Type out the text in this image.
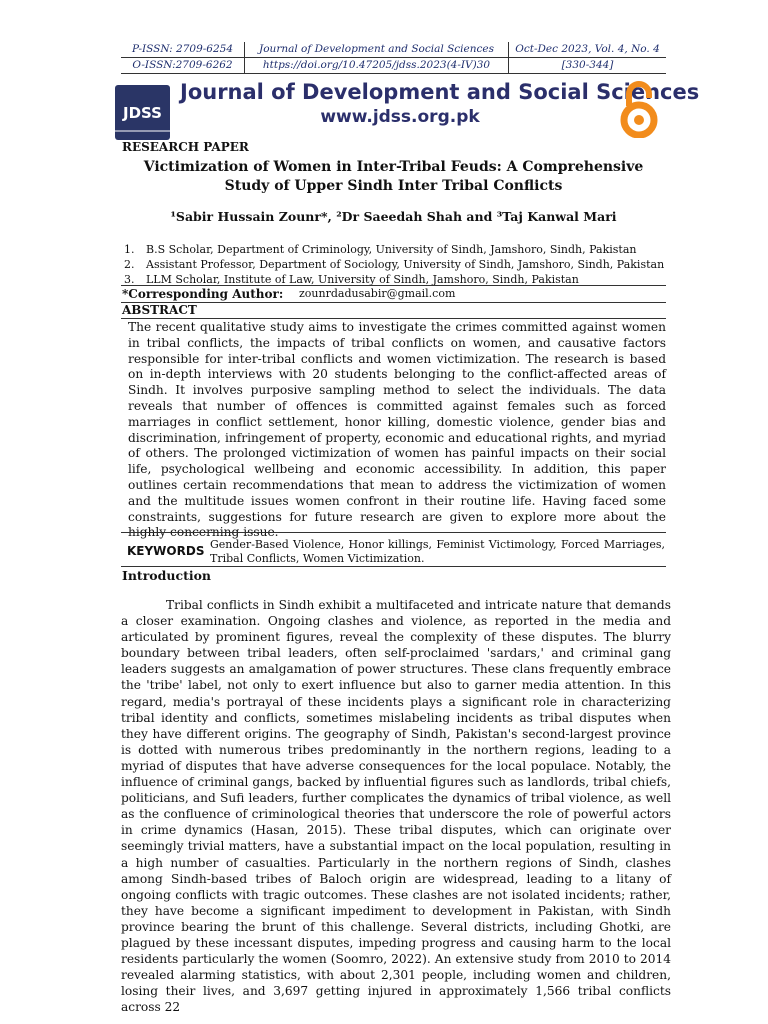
P-ISSN: 2709-6254	Journal of Development and Social Sciences	Oct-Dec 2023, Vol. 4, No. 4
O-ISSN:2709-6262	https://doi.org/10.47205/jdss.2023(4-IV)30	[330-344]
JDSS
Journal of Development and Social Sciences
www.jdss.org.pk
RESEARCH PAPER
Victimization of Women in Inter-Tribal Feuds: A Comprehensive Study of Upper Sindh Inter Tribal Conflicts
¹Sabir Hussain Zounr*, ²Dr Saeedah Shah and ³Taj Kanwal Mari
1. B.S Scholar, Department of Criminology, University of Sindh, Jamshoro, Sindh, Pakistan
2. Assistant Professor, Department of Sociology, University of Sindh, Jamshoro, Sindh, Pakistan
3. LLM Scholar, Institute of Law, University of Sindh, Jamshoro, Sindh, Pakistan
*Corresponding Author: zounrdadusabir@gmail.com
ABSTRACT

The recent qualitative study aims to investigate the crimes committed against women in tribal conflicts, the impacts of tribal conflicts on women, and causative factors responsible for inter-tribal conflicts and women victimization. The research is based on in-depth interviews with 20 students belonging to the conflict-affected areas of Sindh. It involves purposive sampling method to select the individuals. The data reveals that number of offences is committed against females such as forced marriages in conflict settlement, honor killing, domestic violence, gender bias and discrimination, infringement of property, economic and educational rights, and myriad of others. The prolonged victimization of women has painful impacts on their social life, psychological wellbeing and economic accessibility. In addition, this paper outlines certain recommendations that mean to address the victimization of women and the multitude issues women confront in their routine life. Having faced some constraints, suggestions for future research are given to explore more about the highly concerning issue.

KEYWORDS Gender-Based Violence, Honor killings, Feminist Victimology, Forced Marriages, Tribal Conflicts, Women Victimization.
Introduction

Tribal conflicts in Sindh exhibit a multifaceted and intricate nature that demands a closer examination. Ongoing clashes and violence, as reported in the media and articulated by prominent figures, reveal the complexity of these disputes. The blurry boundary between tribal leaders, often self-proclaimed 'sardars,' and criminal gang leaders suggests an amalgamation of power structures. These clans frequently embrace the 'tribe' label, not only to exert influence but also to garner media attention. In this regard, media's portrayal of these incidents plays a significant role in characterizing tribal identity and conflicts, sometimes mislabeling incidents as tribal disputes when they have different origins. The geography of Sindh, Pakistan's second-largest province is dotted with numerous tribes predominantly in the northern regions, leading to a myriad of disputes that have adverse consequences for the local populace. Notably, the influence of criminal gangs, backed by influential figures such as landlords, tribal chiefs, politicians, and Sufi leaders, further complicates the dynamics of tribal violence, as well as the confluence of criminological theories that underscore the role of powerful actors in crime dynamics (Hasan, 2015). These tribal disputes, which can originate over seemingly trivial matters, have a substantial impact on the local population, resulting in a high number of casualties. Particularly in the northern regions of Sindh, clashes among Sindh-based tribes of Baloch origin are widespread, leading to a litany of ongoing conflicts with tragic outcomes. These clashes are not isolated incidents; rather, they have become a significant impediment to development in Pakistan, with Sindh province bearing the brunt of this challenge. Several districts, including Ghotki, are plagued by these incessant disputes, impeding progress and causing harm to the local residents particularly the women (Soomro, 2022). An extensive study from 2010 to 2014 revealed alarming statistics, with about 2,301 people, including women and children, losing their lives, and 3,697 getting injured in approximately 1,566 tribal conflicts across 22
